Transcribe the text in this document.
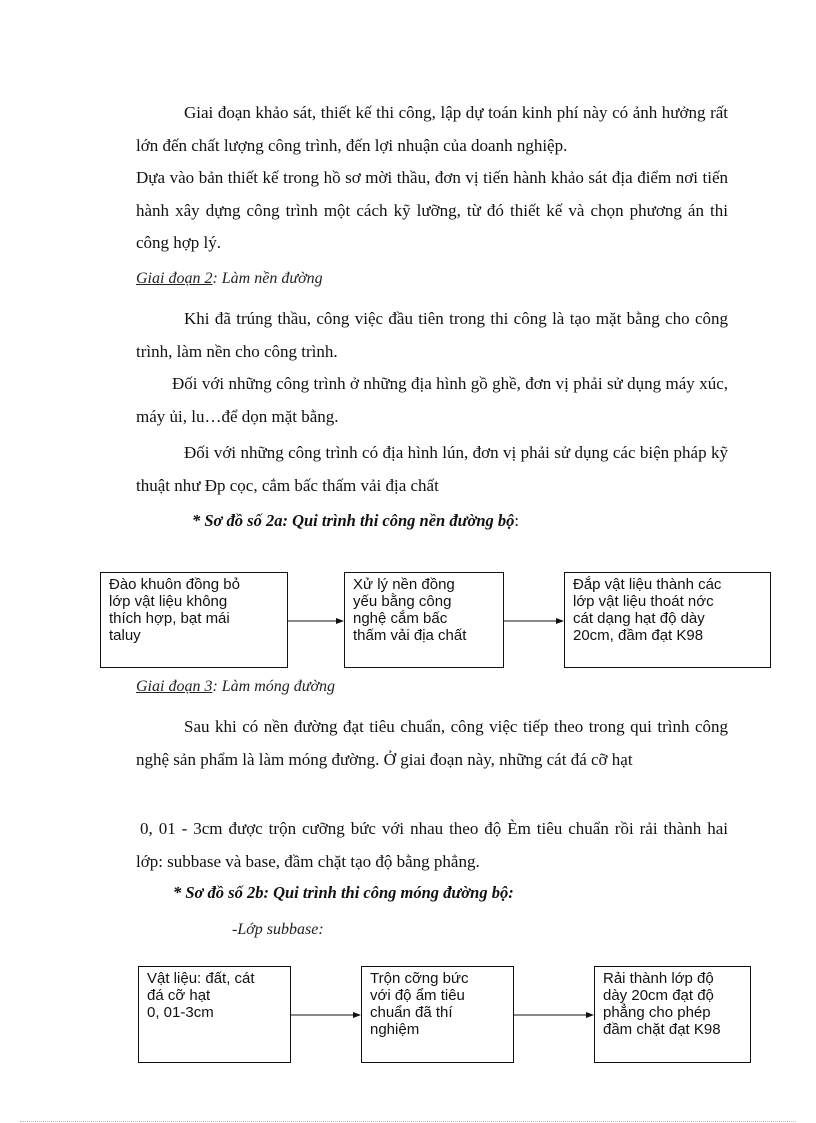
Giai đoạn khảo sát, thiết kế thi công, lập dự toán kinh phí này có ảnh hưởng rất lớn đến chất lượng công trình, đến lợi nhuận của doanh nghiệp.

Dựa vào bản thiết kế trong hồ sơ mời thầu, đơn vị tiến hành khảo sát địa điểm nơi tiến hành xây dựng công trình một cách kỹ lưỡng, từ đó thiết kế và chọn phương án thi công hợp lý.

Giai đoạn 2: Làm nền đường

Khi đã trúng thầu, công việc đầu tiên trong thi công là tạo mặt bằng cho công trình, làm nền cho công trình.

Đối với những công trình ở những địa hình gồ ghề, đơn vị phải sử dụng máy xúc, máy ủi, lu…để dọn mặt bằng.

Đối với những công trình có địa hình lún, đơn vị phải sử dụng các biện pháp kỹ thuật như Ðp cọc, cắm bấc thấm vải địa chất

* Sơ đồ số 2a: Qui trình thi công nền đường bộ:
Đào khuôn đồng bỏ
lớp vật liệu không
thích hợp, bạt mái
taluy
Xử lý nền đồng
yếu bằng công
nghệ cắm bấc
thấm vải địa chất
Đắp vật liệu thành các
lớp vật liệu thoát nớc
cát dạng hạt độ dày
20cm, đầm đạt K98
Giai đoạn 3: Làm móng đường

Sau khi có nền đường đạt tiêu chuẩn, công việc tiếp theo trong qui trình công nghệ sản phẩm là làm móng đường. Ở giai đoạn này, những cát đá cỡ hạt

0, 01 - 3cm được trộn cưỡng bức với nhau theo độ Èm tiêu chuẩn rồi rải thành hai lớp: subbase và base, đầm chặt tạo độ bằng phẳng.

* Sơ đồ số 2b: Qui trình thi công móng đường bộ:
-Lớp subbase:
Vật liệu: đất, cát
đá cỡ hạt
0, 01-3cm
Trộn cỡng bức
với độ ẩm tiêu
chuẩn đã thí
nghiệm
Rải thành lớp độ
dày 20cm đạt độ
phẳng cho phép
đầm chặt đạt K98
